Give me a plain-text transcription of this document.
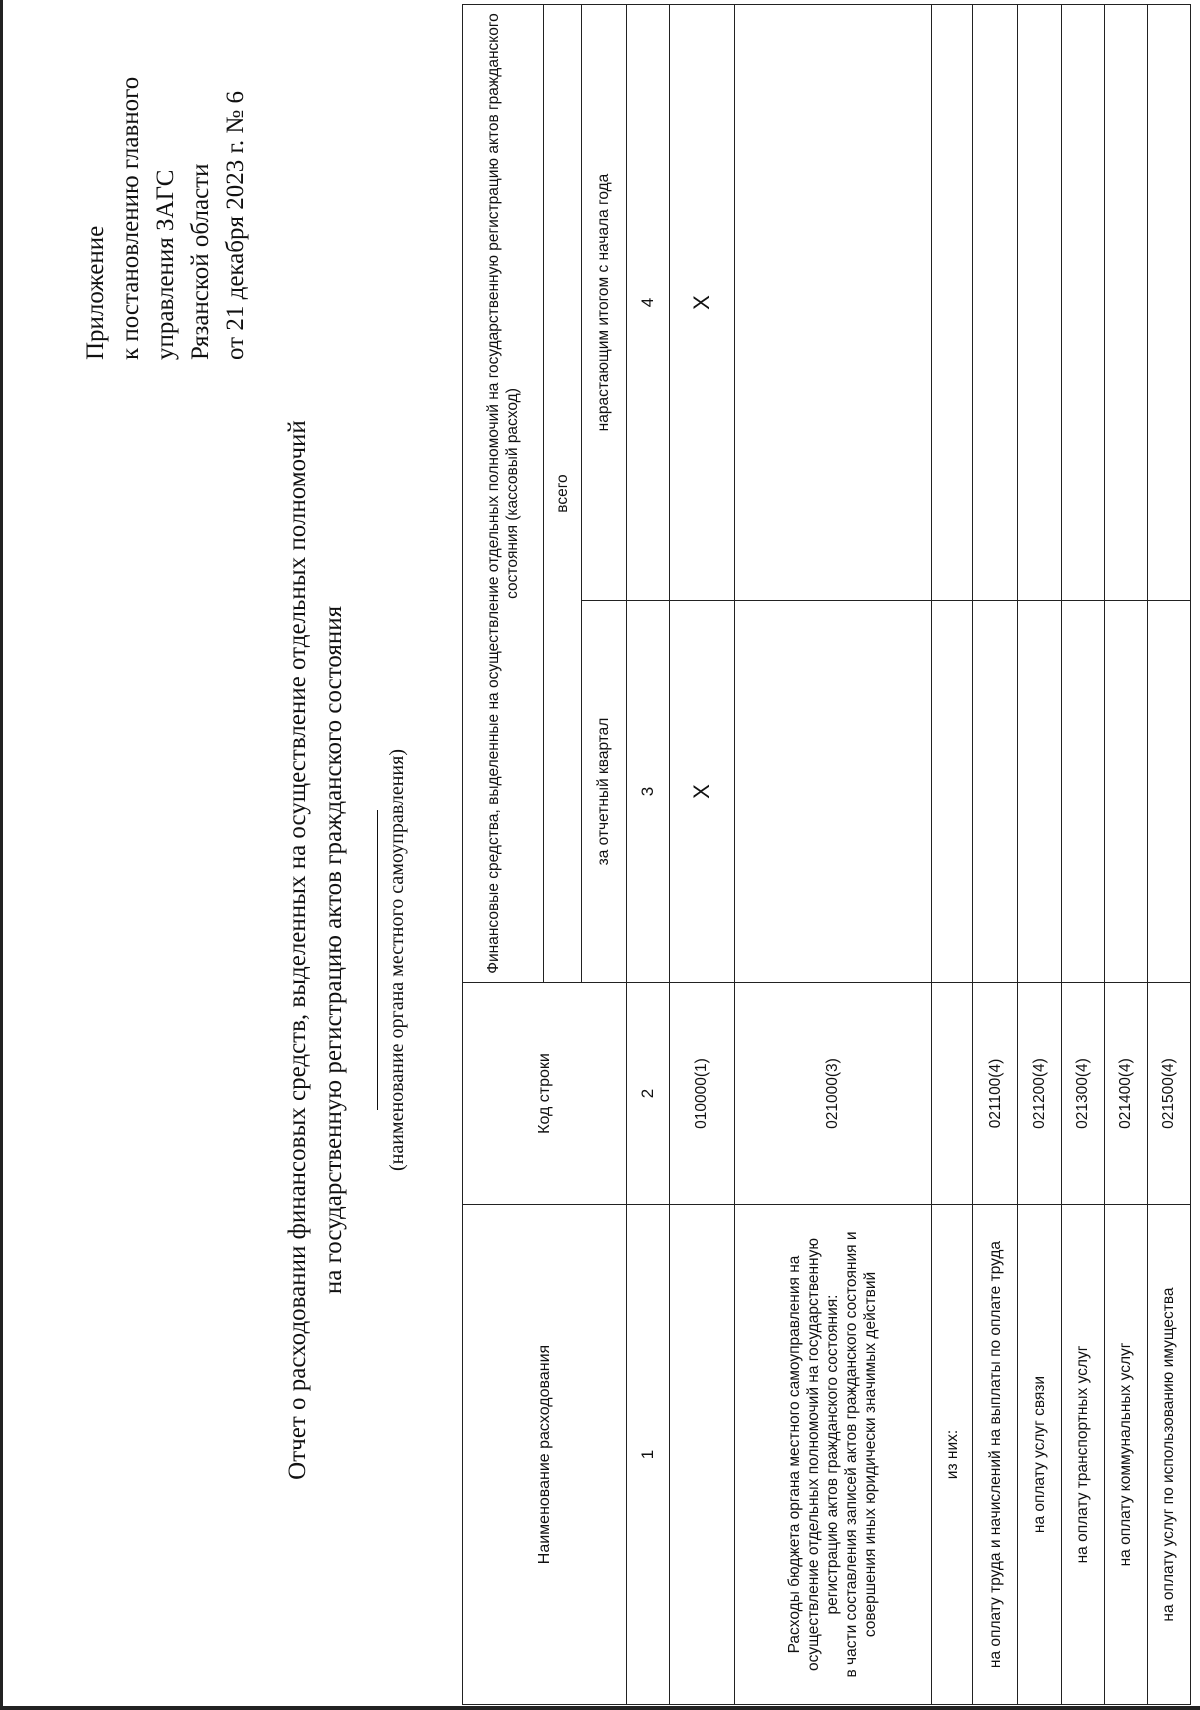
Приложение к постановлению главного управления ЗАГС Рязанской области от 21 декабря 2023 г. № 6
Отчет о расходовании финансовых средств, выделенных на осуществление отдельных полномочий на государственную регистрацию актов гражданского состояния (наименование органа местного самоуправления)
Наименование расходования	Код строки	Финансовые средства, выделенные на осуществление отдельных полномочий на государственную регистрацию актов гражданского состояния (кассовый расход)	
		всего	
		за отчетный квартал	нарастающим итогом с начала года
1	2	3	4
	010000(1)	X	X
Расходы бюджета органа местного самоуправления на осуществление отдельных полномочий на государственную регистрацию актов гражданского состояния:
в части составления записей актов гражданского состояния и совершения иных юридически значимых действий	021000(3)		
из них:			
на оплату труда и начислений на выплаты по оплате труда	021100(4)		
на оплату услуг связи	021200(4)		
на оплату транспортных услуг	021300(4)		
на оплату коммунальных услуг	021400(4)		
на оплату услуг по использованию имущества	021500(4)		
